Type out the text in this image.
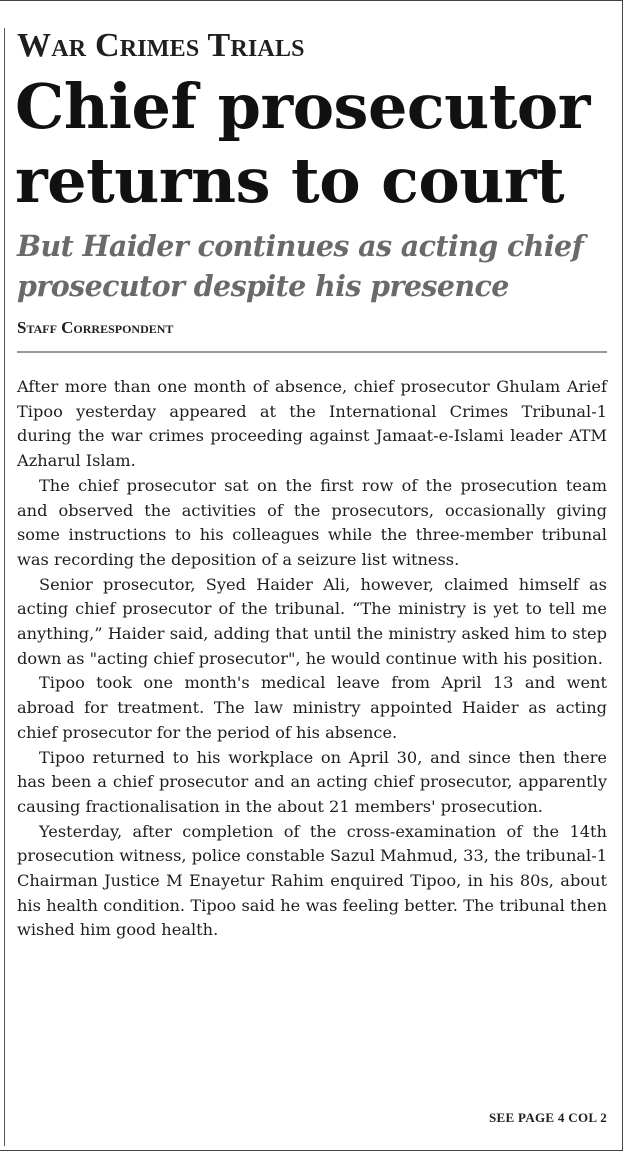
War Crimes Trials
Chief prosecutor returns to court
But Haider continues as acting chief prosecutor despite his presence
Staff Correspondent

After more than one month of absence, chief prosecutor Ghulam Arief Tipoo yesterday appeared at the International Crimes Tribunal-1 during the war crimes proceeding against Jamaat-e-Islami leader ATM Azharul Islam.

The chief prosecutor sat on the first row of the prosecution team and observed the activities of the prosecutors, occasionally giving some instructions to his colleagues while the three-member tribunal was recording the deposition of a seizure list witness.

Senior prosecutor, Syed Haider Ali, however, claimed himself as acting chief prosecutor of the tribunal. “The ministry is yet to tell me anything,” Haider said, adding that until the ministry asked him to step down as "acting chief prosecutor", he would continue with his position.

Tipoo took one month's medical leave from April 13 and went abroad for treatment. The law ministry appointed Haider as acting chief prosecutor for the period of his absence.

Tipoo returned to his workplace on April 30, and since then there has been a chief prosecutor and an acting chief prosecutor, apparently causing fractionalisation in the about 21 members' prosecution.

Yesterday, after completion of the cross-examination of the 14th prosecution witness, police constable Sazul Mahmud, 33, the tribunal-1 Chairman Justice M Enayetur Rahim enquired Tipoo, in his 80s, about his health condition. Tipoo said he was feeling better. The tribunal then wished him good health.

SEE PAGE 4 COL 2
